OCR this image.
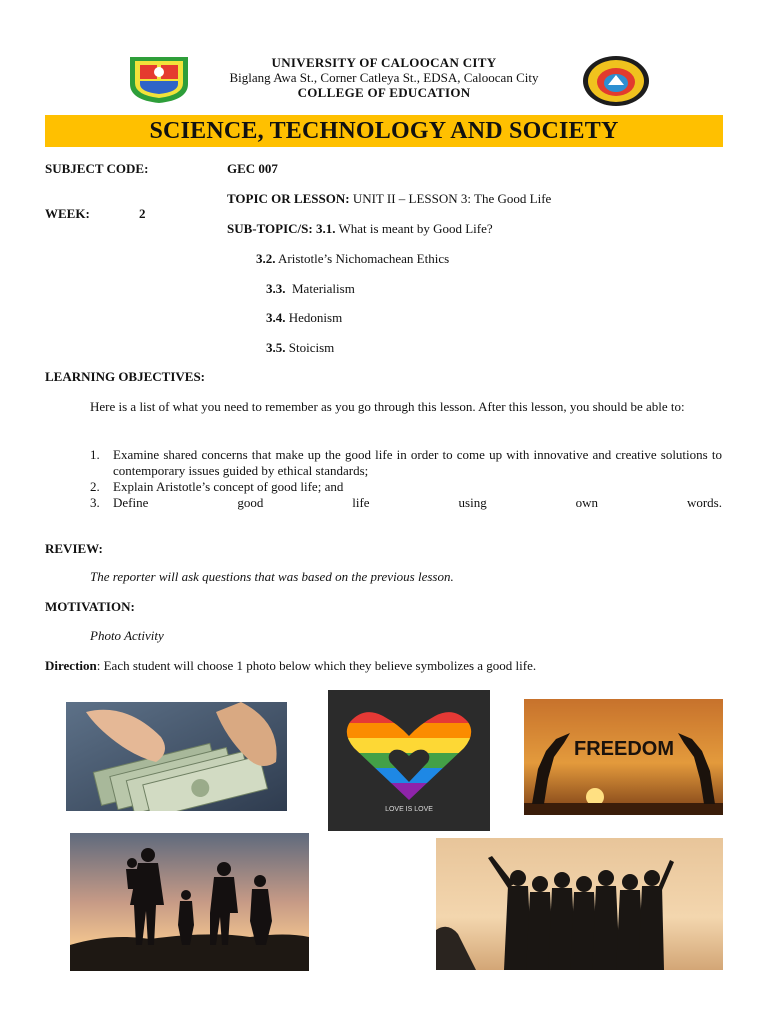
UNIVERSITY OF CALOOCAN CITY
Biglang Awa St., Corner Catleya St., EDSA, Caloocan City
COLLEGE OF EDUCATION
SCIENCE, TECHNOLOGY AND SOCIETY
SUBJECT CODE:	GEC 007
TOPIC OR LESSON: UNIT II – LESSON 3: The Good Life
WEEK:	2
SUB-TOPIC/S: 3.1. What is meant by Good Life?
3.2. Aristotle’s Nichomachean Ethics
3.3.  Materialism
3.4. Hedonism
3.5. Stoicism
LEARNING OBJECTIVES:
Here is a list of what you need to remember as you go through this lesson. After this lesson, you should be able to:
1. Examine shared concerns that make up the good life in order to come up with innovative and creative solutions to contemporary issues guided by ethical standards;
2. Explain Aristotle’s concept of good life; and
3. Define good life using own words.
REVIEW:
The reporter will ask questions that was based on the previous lesson.
MOTIVATION:
Photo Activity
Direction: Each student will choose 1 photo below which they believe symbolizes a good life.
LOVE IS LOVE
FREEDOM
